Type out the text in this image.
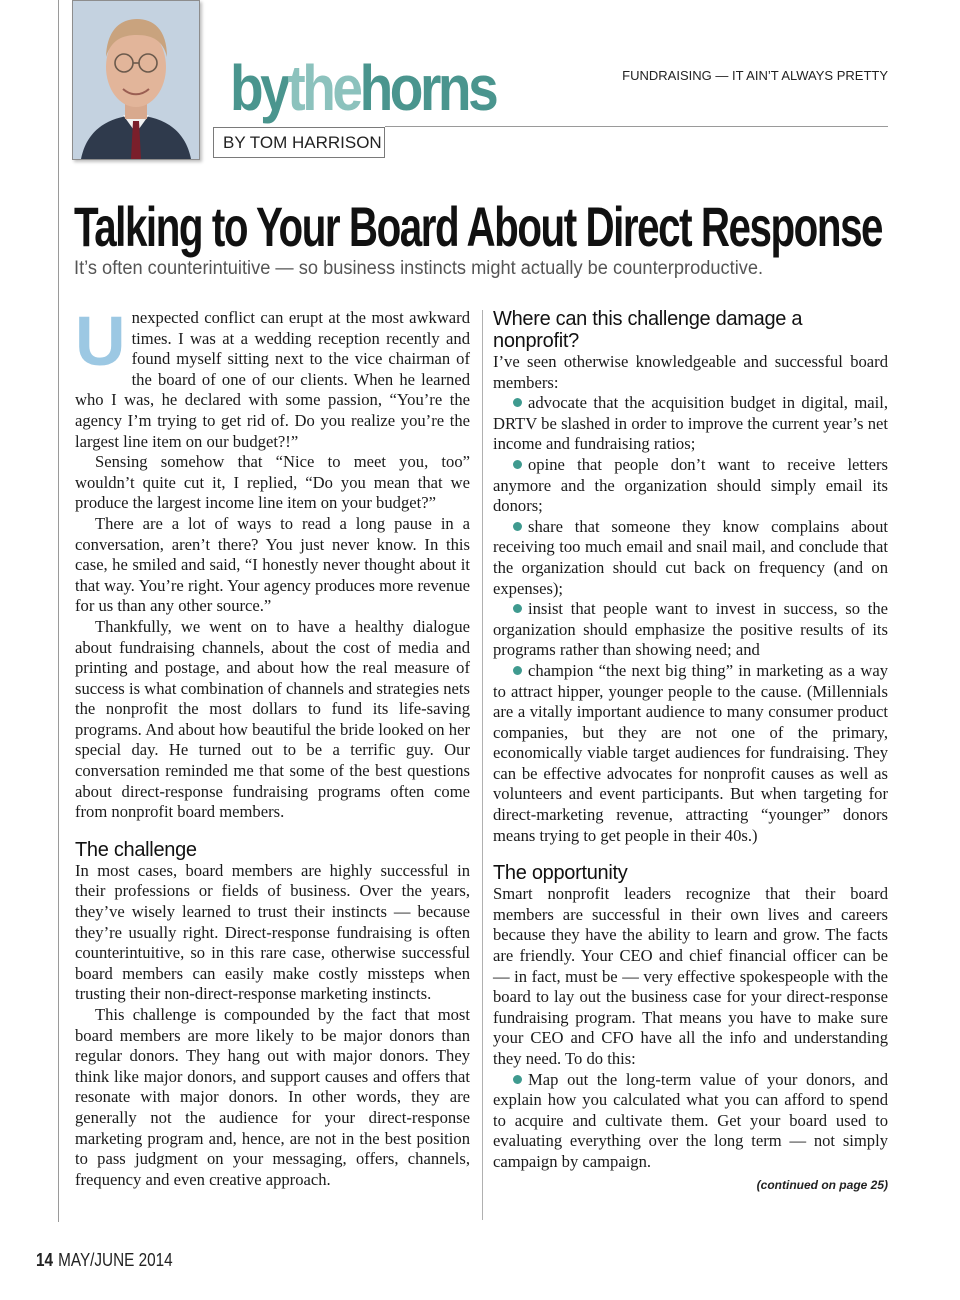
bythehorns
BY TOM HARRISON
FUNDRAISING — IT AIN’T ALWAYS PRETTY
Talking to Your Board About Direct Response
It’s often counterintuitive — so business instincts might actually be counterproductive.

Unexpected conflict can erupt at the most awkward times. I was at a wedding reception recently and found myself sitting next to the vice chairman of the board of one of our clients. When he learned who I was, he declared with some passion, “You’re the agency I’m trying to get rid of. Do you realize you’re the largest line item on our budget?!”

Sensing somehow that “Nice to meet you, too” wouldn’t quite cut it, I replied, “Do you mean that we produce the largest income line item on your budget?”

There are a lot of ways to read a long pause in a conversation, aren’t there? You just never know. In this case, he smiled and said, “I honestly never thought about it that way. You’re right. Your agency produces more revenue for us than any other source.”

Thankfully, we went on to have a healthy dialogue about fundraising channels, about the cost of media and printing and postage, and about how the real measure of success is what combination of channels and strategies nets the nonprofit the most dollars to fund its life-saving programs. And about how beautiful the bride looked on her special day. He turned out to be a terrific guy. Our conversation reminded me that some of the best questions about direct-response fundraising programs often come from nonprofit board members.

The challenge

In most cases, board members are highly successful in their professions or fields of business. Over the years, they’ve wisely learned to trust their instincts — because they’re usually right. Direct-response fundraising is often counterintuitive, so in this rare case, otherwise successful board members can easily make costly missteps when trusting their non-direct-response marketing instincts.

This challenge is compounded by the fact that most board members are more likely to be major donors than regular donors. They hang out with major donors. They think like major donors, and support causes and offers that resonate with major donors. In other words, they are generally not the audience for your direct-response marketing program and, hence, are not in the best position to pass judgment on your messaging, offers, channels, frequency and even creative approach.

Where can this challenge damage a nonprofit?

I’ve seen otherwise knowledgeable and successful board members:

advocate that the acquisition budget in digital, mail, DRTV be slashed in order to improve the current year’s net income and fundraising ratios;
opine that people don’t want to receive letters anymore and the organization should simply email its donors;
share that someone they know complains about receiving too much email and snail mail, and conclude that the organization should cut back on frequency (and on expenses);
insist that people want to invest in success, so the organization should emphasize the positive results of its programs rather than showing need; and
champion “the next big thing” in marketing as a way to attract hipper, younger people to the cause. (Millennials are a vitally important audience to many consumer product companies, but they are not one of the primary, economically viable target audiences for fundraising. They can be effective advocates for nonprofit causes as well as volunteers and event participants. But when targeting for direct-marketing revenue, attracting “younger” donors means trying to get people in their 40s.)
The opportunity

Smart nonprofit leaders recognize that their board members are successful in their own lives and careers because they have the ability to learn and grow. The facts are friendly. Your CEO and chief financial officer can be — in fact, must be — very effective spokespeople with the board to lay out the business case for your direct-response fundraising program. That means you have to make sure your CEO and CFO have all the info and understanding they need. To do this:

Map out the long-term value of your donors, and explain how you calculated what you can afford to spend to acquire and cultivate them. Get your board used to evaluating everything over the long term — not simply campaign by campaign.
(continued on page 25)
14 MAY/JUNE 2014
